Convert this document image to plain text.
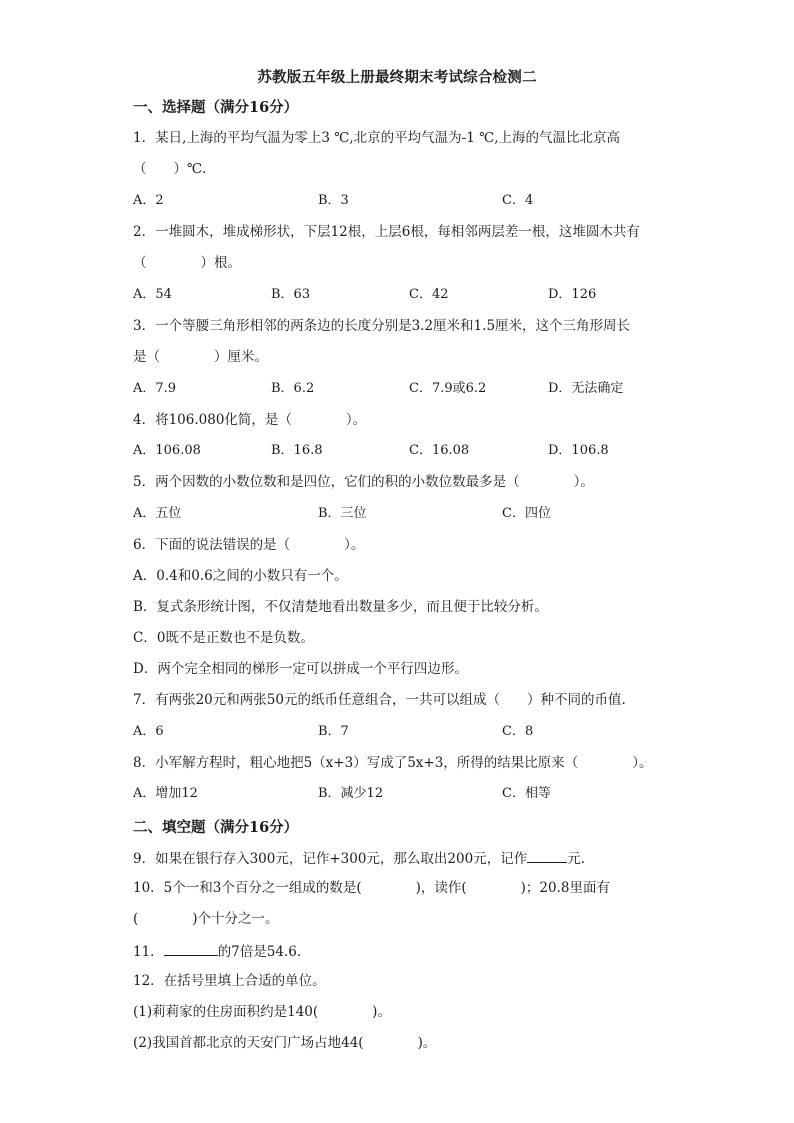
苏教版五年级上册最终期末考试综合检测二
一、选择题（满分16分）
1．某日,上海的平均气温为零上3 ℃,北京的平均气温为-1 ℃,上海的气温比北京高
（　　）℃.
A．2	B．3	C．4
2．一堆圆木，堆成梯形状，下层12根，上层6根，每相邻两层差一根，这堆圆木共有
（　　　　）根。
A．54	B．63	C．42	D．126
3．一个等腰三角形相邻的两条边的长度分别是3.2厘米和1.5厘米，这个三角形周长
是（　　　　）厘米。
A．7.9	B．6.2	C．7.9或6.2	D．无法确定
4．将106.080化简，是（　　　　）。
A．106.08	B．16.8	C．16.08	D．106.8
5．两个因数的小数位数和是四位，它们的积的小数位数最多是（　　　　）。
A．五位	B．三位	C．四位
6．下面的说法错误的是（　　　　）。
A．0.4和0.6之间的小数只有一个。
B．复式条形统计图，不仅清楚地看出数量多少，而且便于比较分析。
C．0既不是正数也不是负数。
D．两个完全相同的梯形一定可以拼成一个平行四边形。
7．有两张20元和两张50元的纸币任意组合，一共可以组成（　　）种不同的币值.
A．6	B．7	C．8
8．小军解方程时，粗心地把5（x+3）写成了5x+3，所得的结果比原来（　　　　）。
A．增加12	B．减少12	C．相等
二、填空题（满分16分）
9．如果在银行存入300元，记作+300元，那么取出200元，记作	元.
10．5个一和3个百分之一组成的数是(　　　　)，读作(　　　　)；20.8里面有
(　　　　)个十分之一。
11．	的7倍是54.6.
12．在括号里填上合适的单位。
(1)莉莉家的住房面积约是140(　　　　)。
(2)我国首都北京的天安门广场占地44(　　　　)。
